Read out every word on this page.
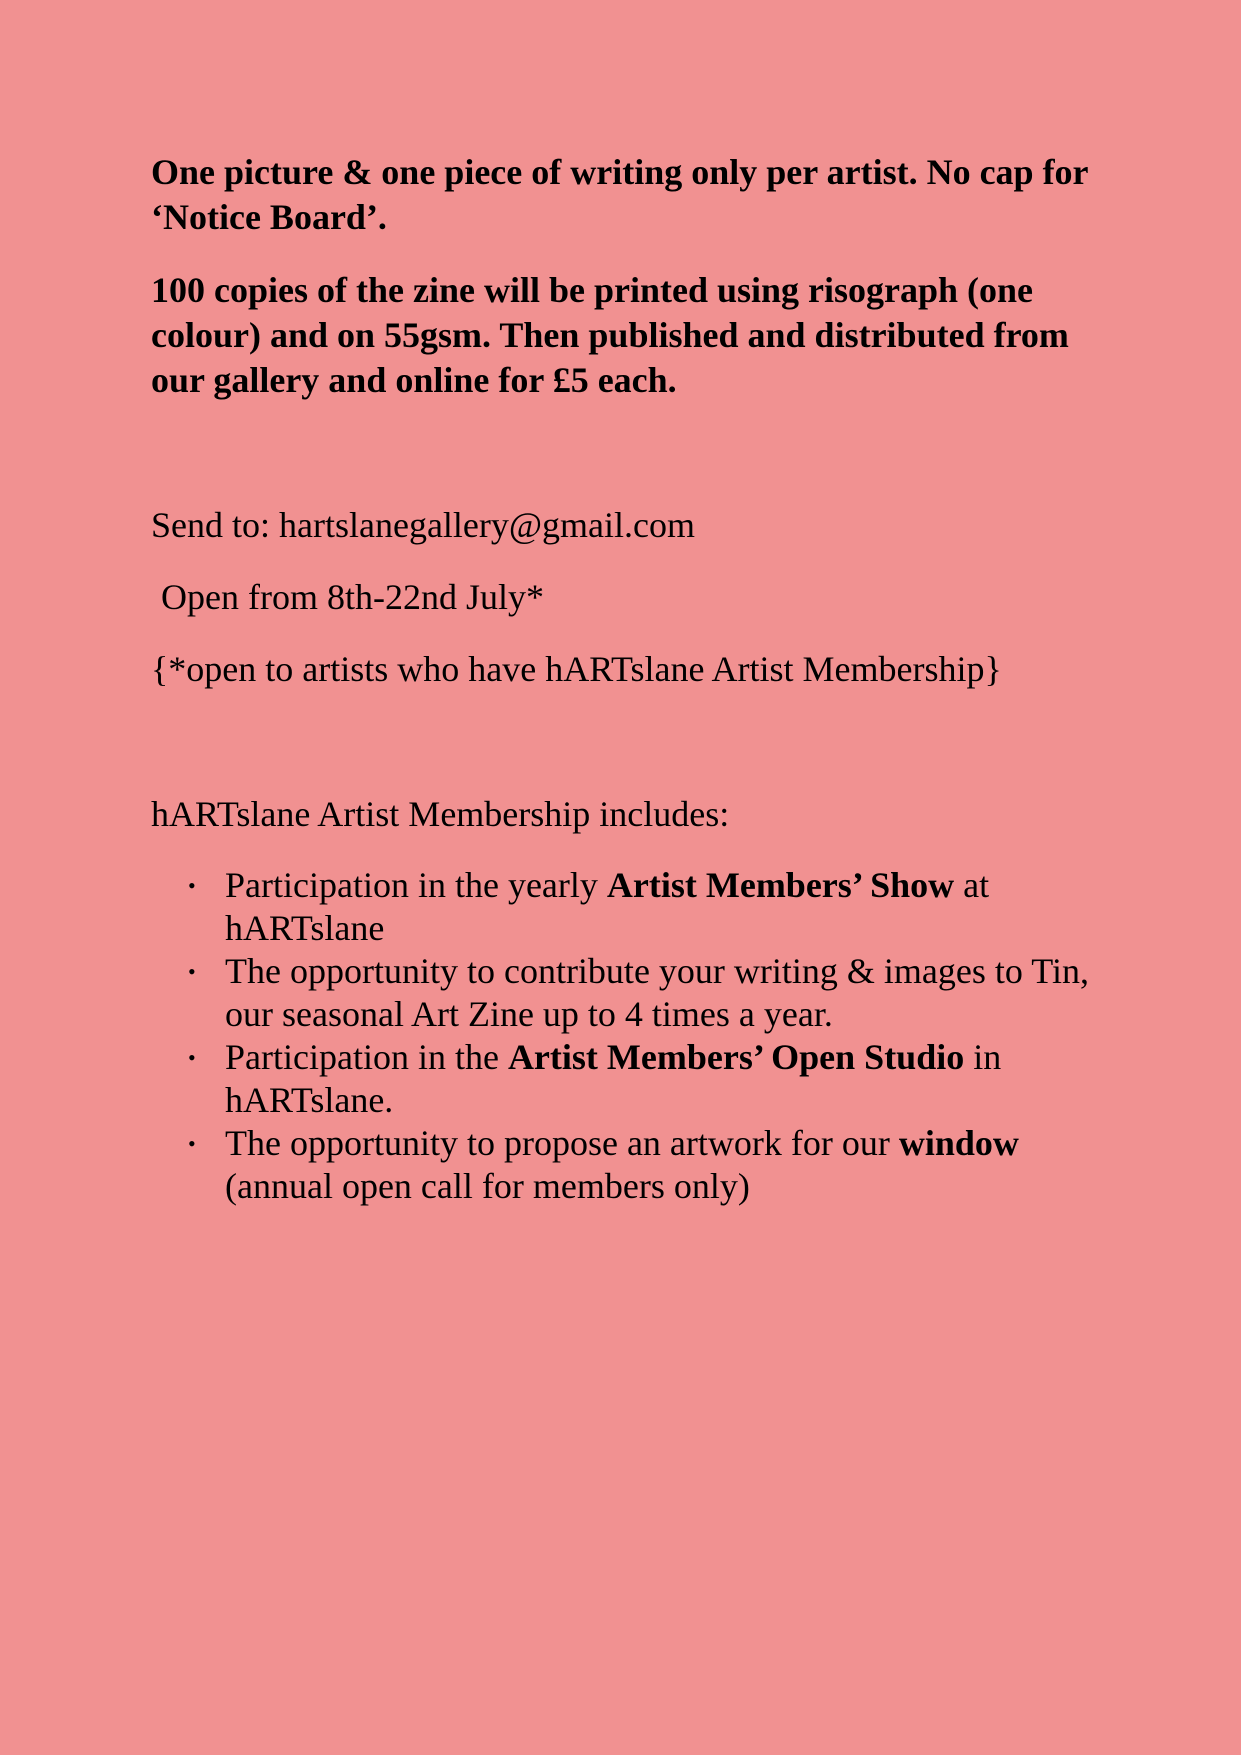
One picture & one piece of writing only per artist. No cap for ‘Notice Board’.

100 copies of the zine will be printed using risograph (one colour) and on 55gsm. Then published and distributed from our gallery and online for £5 each.

Send to: hartslanegallery@gmail.com

Open from 8th-22nd July*

{*open to artists who have hARTslane Artist Membership}

hARTslane Artist Membership includes:

• Participation in the yearly Artist Members’ Show at hARTslane
• The opportunity to contribute your writing & images to Tin, our seasonal Art Zine up to 4 times a year.
• Participation in the Artist Members’ Open Studio in hARTslane.
• The opportunity to propose an artwork for our window (annual open call for members only)
